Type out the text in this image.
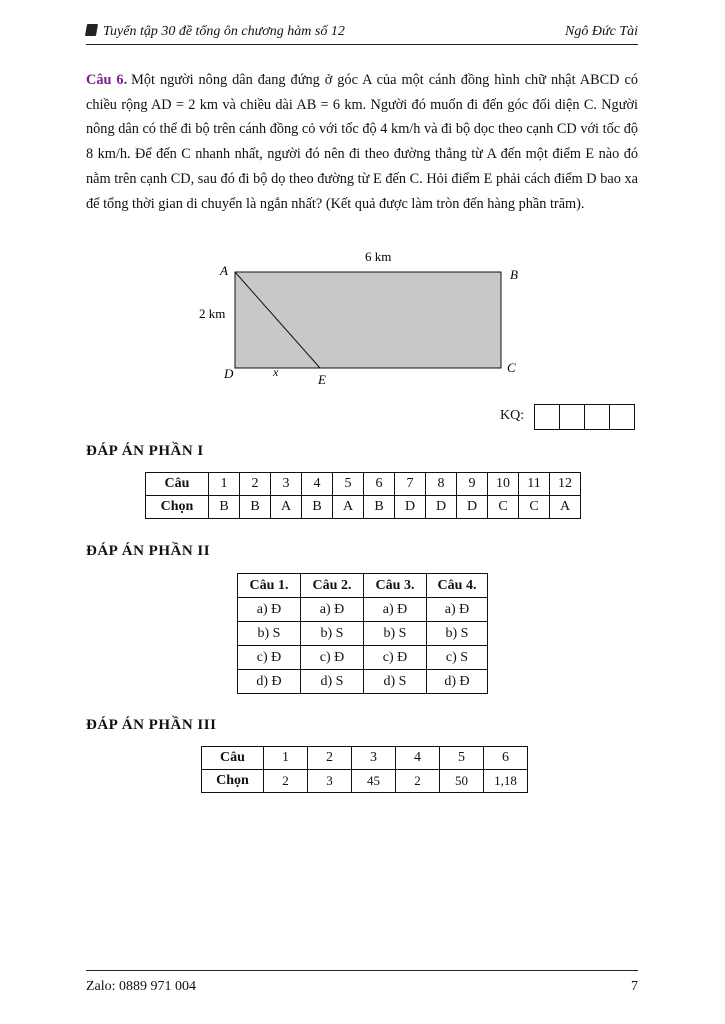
Tuyển tập 30 đề tổng ôn chương hàm số 12	Ngô Đức Tài
Câu 6. Một người nông dân đang đứng ở góc A của một cánh đồng hình chữ nhật ABCD có chiều rộng AD = 2 km và chiều dài AB = 6 km. Người đó muốn đi đến góc đối diện C. Người nông dân có thể đi bộ trên cánh đồng cỏ với tốc độ 4 km/h và đi bộ dọc theo cạnh CD với tốc độ 8 km/h. Để đến C nhanh nhất, người đó nên đi theo đường thẳng từ A đến một điểm E nào đó nằm trên cạnh CD, sau đó đi bộ dọ theo đường từ E đến C. Hỏi điểm E phải cách điểm D bao xa để tổng thời gian di chuyển là ngắn nhất? (Kết quả được làm tròn đến hàng phần trăm).
6 km
2 km
A	B
C
D	E
x
KQ:
ĐÁP ÁN PHẦN I
Câu	1	2	3	4	5	6	7	8	9	10	11	12
Chọn	B	B	A	B	A	B	D	D	D	C	C	A
ĐÁP ÁN PHẦN II
Câu 1.	Câu 2.	Câu 3.	Câu 4.
a) Đ	a) Đ	a) Đ	a) Đ
b) S	b) S	b) S	b) S
c) Đ	c) Đ	c) Đ	c) S
d) Đ	d) S	d) S	d) Đ
ĐÁP ÁN PHẦN III
Câu	1	2	3	4	5	6
Chọn	2	3	45	2	50	1,18
Zalo: 0889 971 004	7
